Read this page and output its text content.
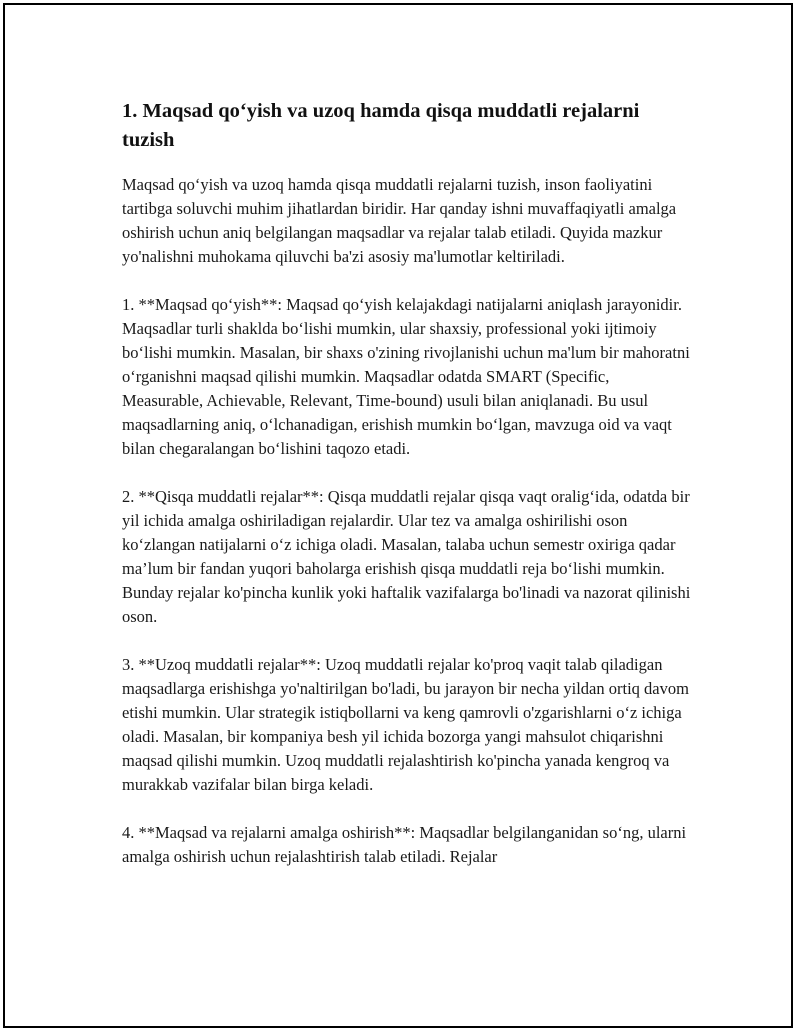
1. Maqsad qo‘yish va uzoq hamda qisqa muddatli rejalarni tuzish

Maqsad qo‘yish va uzoq hamda qisqa muddatli rejalarni tuzish, inson faoliyatini tartibga soluvchi muhim jihatlardan biridir. Har qanday ishni muvaffaqiyatli amalga oshirish uchun aniq belgilangan maqsadlar va rejalar talab etiladi. Quyida mazkur yo'nalishni muhokama qiluvchi ba'zi asosiy ma'lumotlar keltiriladi.

1. **Maqsad qo‘yish**: Maqsad qo‘yish kelajakdagi natijalarni aniqlash jarayonidir. Maqsadlar turli shaklda bo‘lishi mumkin, ular shaxsiy, professional yoki ijtimoiy bo‘lishi mumkin. Masalan, bir shaxs o'zining rivojlanishi uchun ma'lum bir mahoratni o‘rganishni maqsad qilishi mumkin. Maqsadlar odatda SMART (Specific, Measurable, Achievable, Relevant, Time-bound) usuli bilan aniqlanadi. Bu usul maqsadlarning aniq, o‘lchanadigan, erishish mumkin bo‘lgan, mavzuga oid va vaqt bilan chegaralangan bo‘lishini taqozo etadi.

2. **Qisqa muddatli rejalar**: Qisqa muddatli rejalar qisqa vaqt oralig‘ida, odatda bir yil ichida amalga oshiriladigan rejalardir. Ular tez va amalga oshirilishi oson ko‘zlangan natijalarni o‘z ichiga oladi. Masalan, talaba uchun semestr oxiriga qadar ma’lum bir fandan yuqori baholarga erishish qisqa muddatli reja bo‘lishi mumkin. Bunday rejalar ko'pincha kunlik yoki haftalik vazifalarga bo'linadi va nazorat qilinishi oson.

3. **Uzoq muddatli rejalar**: Uzoq muddatli rejalar ko'proq vaqit talab qiladigan maqsadlarga erishishga yo'naltirilgan bo'ladi, bu jarayon bir necha yildan ortiq davom etishi mumkin. Ular strategik istiqbollarni va keng qamrovli o'zgarishlarni o‘z ichiga oladi. Masalan, bir kompaniya besh yil ichida bozorga yangi mahsulot chiqarishni maqsad qilishi mumkin. Uzoq muddatli rejalashtirish ko'pincha yanada kengroq va murakkab vazifalar bilan birga keladi.

4. **Maqsad va rejalarni amalga oshirish**: Maqsadlar belgilanganidan so‘ng, ularni amalga oshirish uchun rejalashtirish talab etiladi. Rejalar
